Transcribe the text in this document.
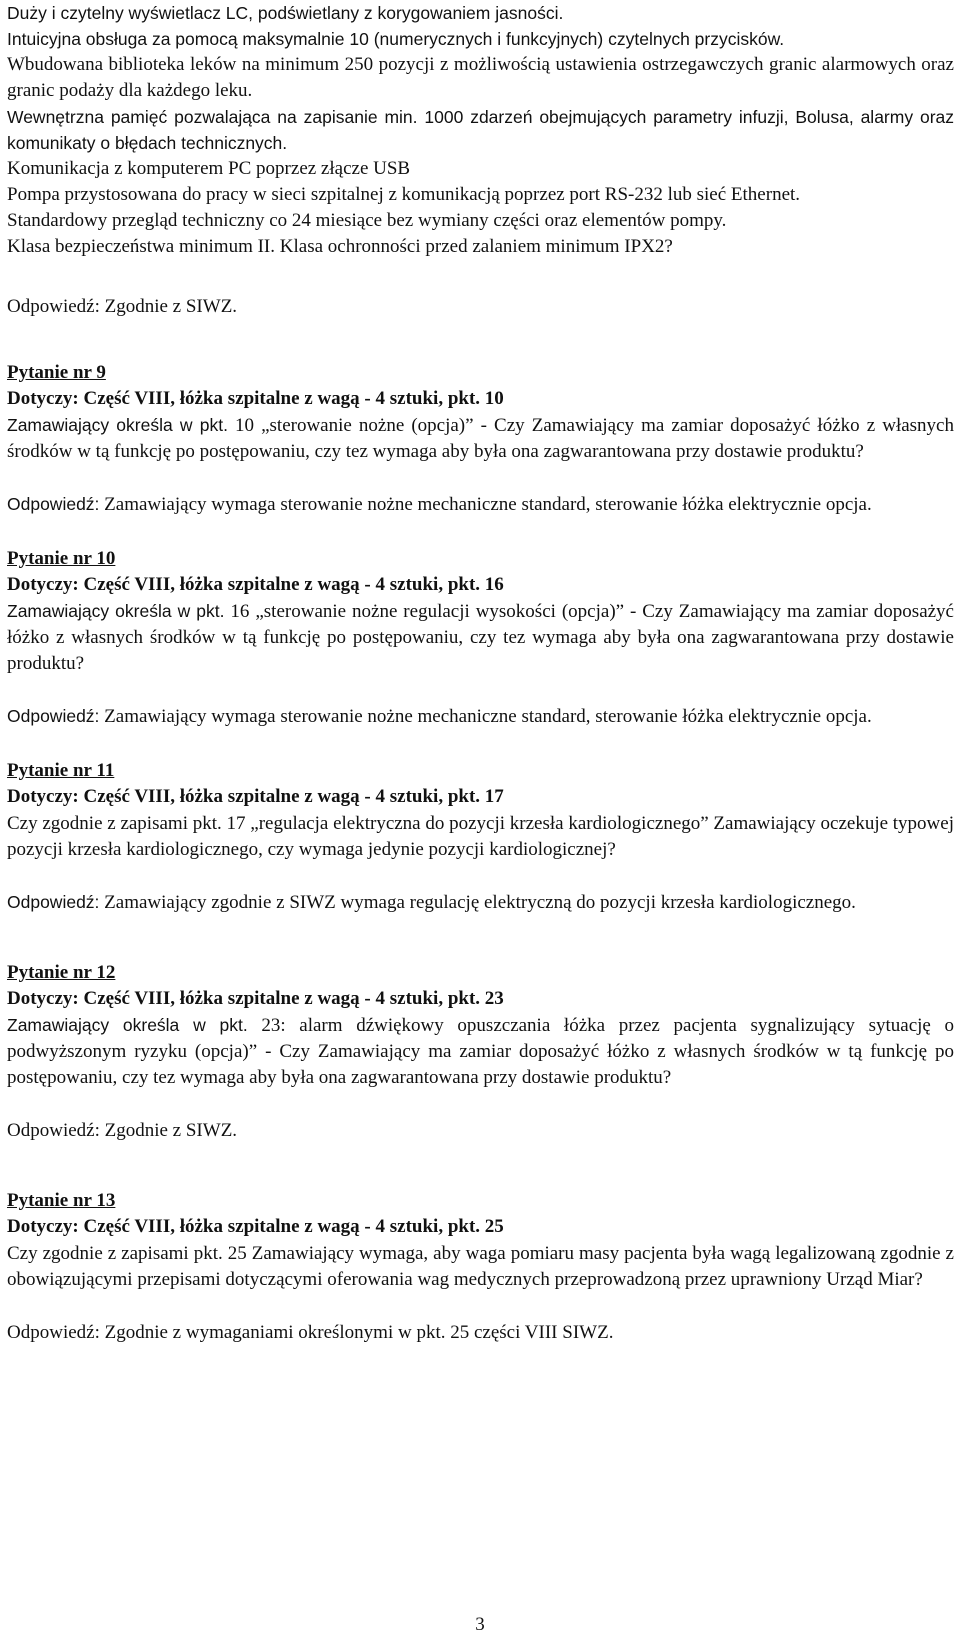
Duży i czytelny wyświetlacz LC, podświetlany z korygowaniem jasności.

Intuicyjna obsługa za pomocą maksymalnie 10 (numerycznych i funkcyjnych) czytelnych przycisków.

Wbudowana biblioteka leków na minimum 250 pozycji z możliwością ustawienia ostrzegawczych granic alarmowych oraz granic podaży dla każdego leku.

Wewnętrzna pamięć pozwalająca na zapisanie min. 1000 zdarzeń obejmujących parametry infuzji, Bolusa, alarmy oraz komunikaty o błędach technicznych.

Komunikacja z komputerem PC poprzez złącze USB

Pompa przystosowana do pracy w sieci szpitalnej z komunikacją poprzez port RS-232 lub sieć Ethernet.

Standardowy przegląd techniczny co 24 miesiące bez wymiany części oraz elementów pompy.

Klasa bezpieczeństwa minimum II. Klasa ochronności przed zalaniem minimum IPX2?

Odpowiedź: Zgodnie z SIWZ.

Pytanie nr 9

Dotyczy: Część VIII, łóżka szpitalne z wagą - 4 sztuki, pkt. 10

Zamawiający określa w pkt. 10 „sterowanie nożne (opcja)” - Czy Zamawiający ma zamiar doposażyć łóżko z własnych środków w tą funkcję po postępowaniu, czy tez wymaga aby była ona zagwarantowana przy dostawie produktu?

Odpowiedź: Zamawiający wymaga sterowanie nożne mechaniczne standard, sterowanie łóżka elektrycznie opcja.

Pytanie nr 10

Dotyczy: Część VIII, łóżka szpitalne z wagą - 4 sztuki, pkt. 16

Zamawiający określa w pkt. 16 „sterowanie nożne regulacji wysokości (opcja)” - Czy Zamawiający ma zamiar doposażyć łóżko z własnych środków w tą funkcję po postępowaniu, czy tez wymaga aby była ona zagwarantowana przy dostawie produktu?

Odpowiedź: Zamawiający wymaga sterowanie nożne mechaniczne standard, sterowanie łóżka elektrycznie opcja.

Pytanie nr 11

Dotyczy: Część VIII, łóżka szpitalne z wagą - 4 sztuki, pkt. 17

Czy zgodnie z zapisami pkt. 17 „regulacja elektryczna do pozycji krzesła kardiologicznego” Zamawiający oczekuje typowej pozycji krzesła kardiologicznego, czy wymaga jedynie pozycji kardiologicznej?

Odpowiedź: Zamawiający zgodnie z SIWZ wymaga regulację elektryczną do pozycji krzesła kardiologicznego.

Pytanie nr 12

Dotyczy: Część VIII, łóżka szpitalne z wagą - 4 sztuki, pkt. 23

Zamawiający określa w pkt. 23: alarm dźwiękowy opuszczania łóżka przez pacjenta sygnalizujący sytuację o podwyższonym ryzyku (opcja)” - Czy Zamawiający ma zamiar doposażyć łóżko z własnych środków w tą funkcję po postępowaniu, czy tez wymaga aby była ona zagwarantowana przy dostawie produktu?

Odpowiedź: Zgodnie z SIWZ.

Pytanie nr 13

Dotyczy: Część VIII, łóżka szpitalne z wagą - 4 sztuki, pkt. 25

Czy zgodnie z zapisami pkt. 25 Zamawiający wymaga, aby waga pomiaru masy pacjenta była wagą legalizowaną zgodnie z obowiązującymi przepisami dotyczącymi oferowania wag medycznych przeprowadzoną przez uprawniony Urząd Miar?

Odpowiedź: Zgodnie z wymaganiami określonymi w pkt. 25 części VIII SIWZ.

3
